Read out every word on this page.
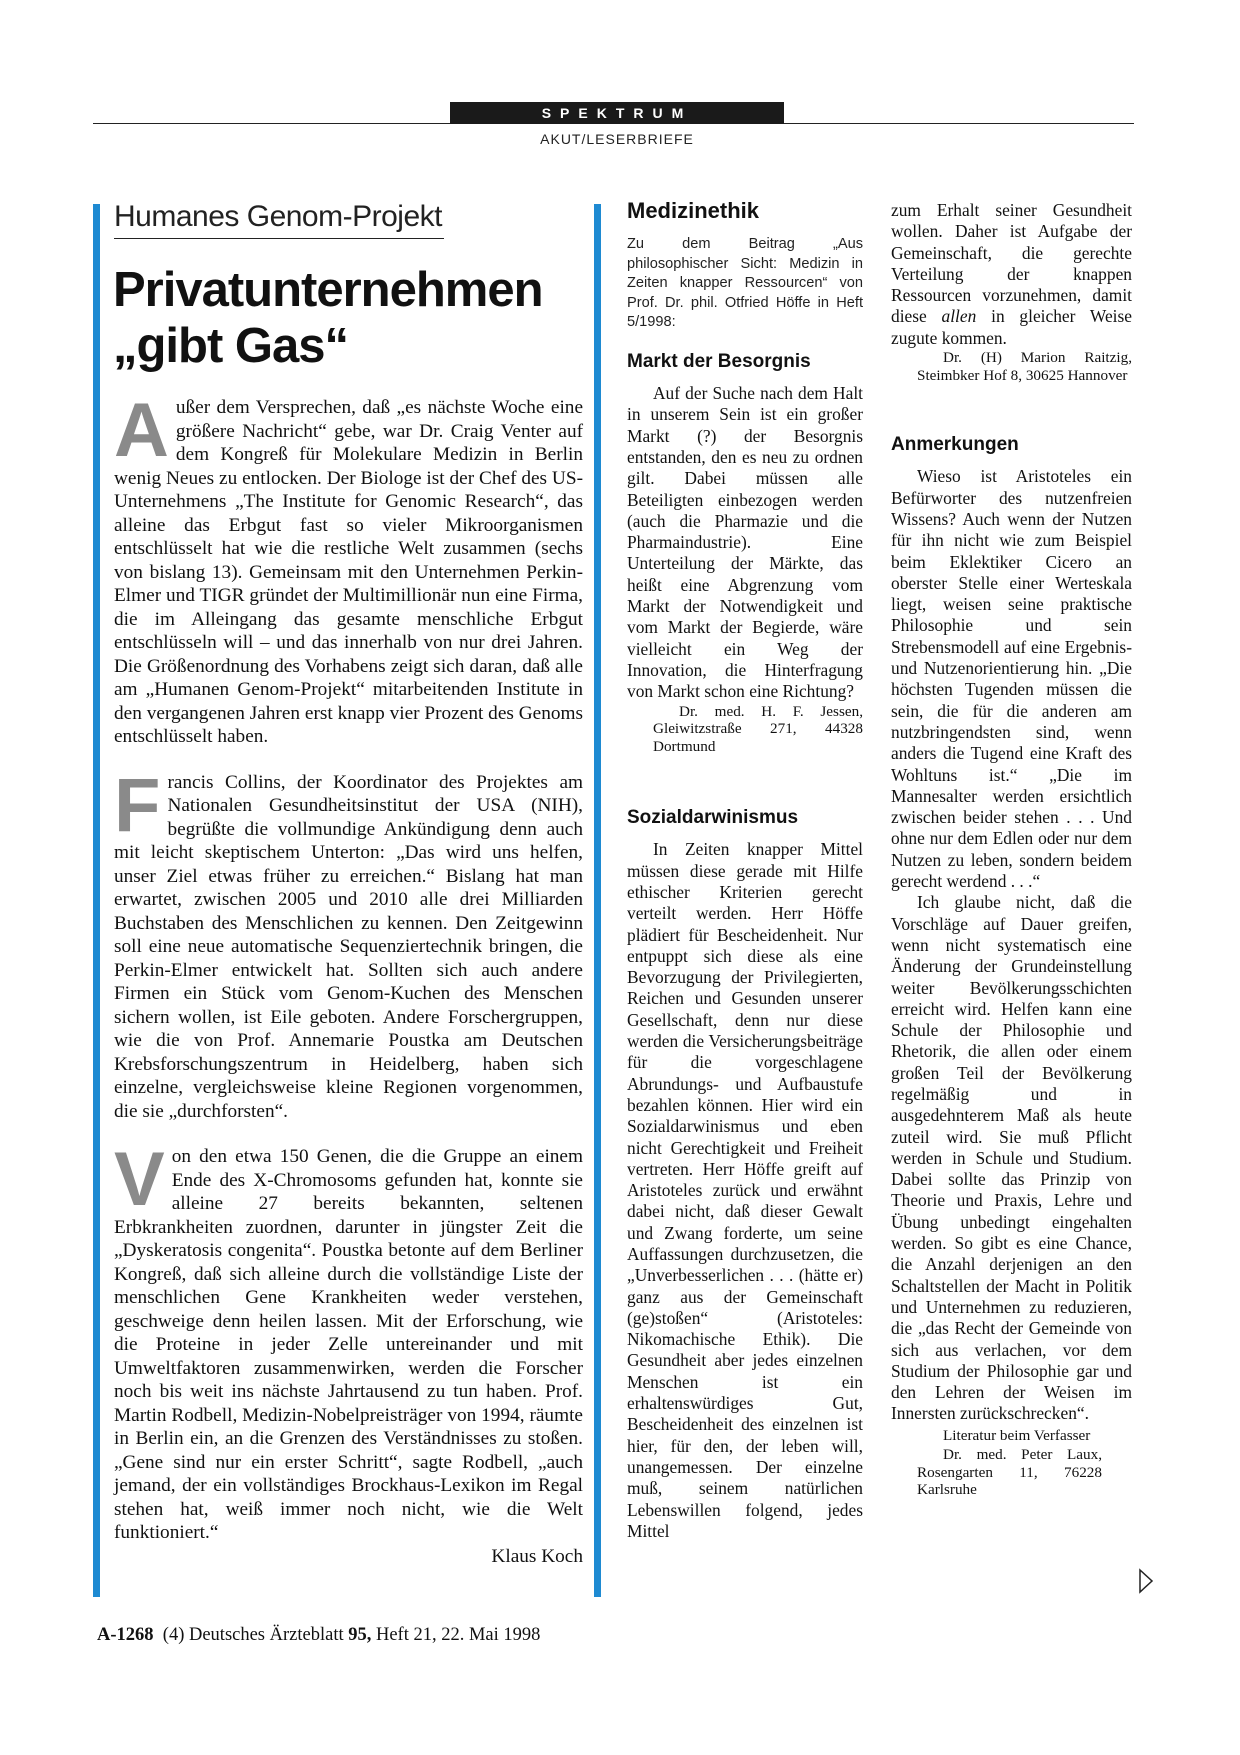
SPEKTRUM
AKUT/LESERBRIEFE
Humanes Genom-Projekt
Privatunternehmen
„gibt Gas“

Außer dem Versprechen, daß „es nächste Woche eine größere Nachricht“ gebe, war Dr. Craig Venter auf dem Kongreß für Molekulare Medizin in Berlin wenig Neues zu entlocken. Der Biologe ist der Chef des US-Unternehmens „The Institute for Genomic Research“, das alleine das Erbgut fast so vieler Mikroorganismen entschlüsselt hat wie die restliche Welt zusammen (sechs von bislang 13). Gemeinsam mit den Unternehmen Perkin-Elmer und TIGR gründet der Multimillionär nun eine Firma, die im Alleingang das gesamte menschliche Erbgut entschlüsseln will – und das innerhalb von nur drei Jahren. Die Größenordnung des Vorhabens zeigt sich daran, daß alle am „Humanen Genom-Projekt“ mitarbeitenden Institute in den vergangenen Jahren erst knapp vier Prozent des Genoms entschlüsselt haben.

Francis Collins, der Koordinator des Projektes am Nationalen Gesundheitsinstitut der USA (NIH), begrüßte die vollmundige Ankündigung denn auch mit leicht skeptischem Unterton: „Das wird uns helfen, unser Ziel etwas früher zu erreichen.“ Bislang hat man erwartet, zwischen 2005 und 2010 alle drei Milliarden Buchstaben des Menschlichen zu kennen. Den Zeitgewinn soll eine neue automatische Sequenziertechnik bringen, die Perkin-Elmer entwickelt hat. Sollten sich auch andere Firmen ein Stück vom Genom-Kuchen des Menschen sichern wollen, ist Eile geboten. Andere Forschergruppen, wie die von Prof. Annemarie Poustka am Deutschen Krebsforschungszentrum in Heidelberg, haben sich einzelne, vergleichsweise kleine Regionen vorgenommen, die sie „durchforsten“.

Von den etwa 150 Genen, die die Gruppe an einem Ende des X-Chromosoms gefunden hat, konnte sie alleine 27 bereits bekannten, seltenen Erbkrankheiten zuordnen, darunter in jüngster Zeit die „Dyskeratosis congenita“. Poustka betonte auf dem Berliner Kongreß, daß sich alleine durch die vollständige Liste der menschlichen Gene Krankheiten weder verstehen, geschweige denn heilen lassen. Mit der Erforschung, wie die Proteine in jeder Zelle untereinander und mit Umweltfaktoren zusammenwirken, werden die Forscher noch bis weit ins nächste Jahrtausend zu tun haben. Prof. Martin Rodbell, Medizin-Nobelpreisträger von 1994, räumte in Berlin ein, an die Grenzen des Verständnisses zu stoßen. „Gene sind nur ein erster Schritt“, sagte Rodbell, „auch jemand, der ein vollständiges Brockhaus-Lexikon im Regal stehen hat, weiß immer noch nicht, wie die Welt funktioniert.“

Klaus Koch
Medizinethik
Zu dem Beitrag „Aus philosophischer Sicht: Medizin in Zeiten knapper Ressourcen“ von Prof. Dr. phil. Otfried Höffe in Heft 5/1998:
Markt der Besorgnis

Auf der Suche nach dem Halt in unserem Sein ist ein großer Markt (?) der Besorgnis entstanden, den es neu zu ordnen gilt. Dabei müssen alle Beteiligten einbezogen werden (auch die Pharmazie und die Pharmaindustrie). Eine Unterteilung der Märkte, das heißt eine Abgrenzung vom Markt der Notwendigkeit und vom Markt der Begierde, wäre vielleicht ein Weg der Innovation, die Hinterfragung von Markt schon eine Richtung?

Dr. med. H. F. Jessen, Gleiwitzstraße 271, 44328 Dortmund

Sozialdarwinismus

In Zeiten knapper Mittel müssen diese gerade mit Hilfe ethischer Kriterien gerecht verteilt werden. Herr Höffe plädiert für Bescheidenheit. Nur entpuppt sich diese als eine Bevorzugung der Privilegierten, Reichen und Gesunden unserer Gesellschaft, denn nur diese werden die Versicherungsbeiträge für die vorgeschlagene Abrundungs- und Aufbaustufe bezahlen können. Hier wird ein Sozialdarwinismus und eben nicht Gerechtigkeit und Freiheit vertreten. Herr Höffe greift auf Aristoteles zurück und erwähnt dabei nicht, daß dieser Gewalt und Zwang forderte, um seine Auffassungen durchzusetzen, die „Unverbesserlichen . . . (hätte er) ganz aus der Gemeinschaft (ge)stoßen“ (Aristoteles: Nikomachische Ethik). Die Gesundheit aber jedes einzelnen Menschen ist ein erhaltenswürdiges Gut, Bescheidenheit des einzelnen ist hier, für den, der leben will, unangemessen. Der einzelne muß, seinem natürlichen Lebenswillen folgend, jedes Mittel

zum Erhalt seiner Gesundheit wollen. Daher ist Aufgabe der Gemeinschaft, die gerechte Verteilung der knappen Ressourcen vorzunehmen, damit diese allen in gleicher Weise zugute kommen.

Dr. (H) Marion Raitzig, Steimbker Hof 8, 30625 Hannover

Anmerkungen

Wieso ist Aristoteles ein Befürworter des nutzenfreien Wissens? Auch wenn der Nutzen für ihn nicht wie zum Beispiel beim Eklektiker Cicero an oberster Stelle einer Werteskala liegt, weisen seine praktische Philosophie und sein Strebensmodell auf eine Ergebnis- und Nutzenorientierung hin. „Die höchsten Tugenden müssen die sein, die für die anderen am nutzbringendsten sind, wenn anders die Tugend eine Kraft des Wohltuns ist.“ „Die im Mannesalter werden ersichtlich zwischen beider stehen . . . Und ohne nur dem Edlen oder nur dem Nutzen zu leben, sondern beidem gerecht werdend . . .“

Ich glaube nicht, daß die Vorschläge auf Dauer greifen, wenn nicht systematisch eine Änderung der Grundeinstellung weiter Bevölkerungsschichten erreicht wird. Helfen kann eine Schule der Philosophie und Rhetorik, die allen oder einem großen Teil der Bevölkerung regelmäßig und in ausgedehnterem Maß als heute zuteil wird. Sie muß Pflicht werden in Schule und Studium. Dabei sollte das Prinzip von Theorie und Praxis, Lehre und Übung unbedingt eingehalten werden. So gibt es eine Chance, die Anzahl derjenigen an den Schaltstellen der Macht in Politik und Unternehmen zu reduzieren, die „das Recht der Gemeinde von sich aus verlachen, vor dem Studium der Philosophie gar und den Lehren der Weisen im Innersten zurückschrecken“.

Literatur beim Verfasser

Dr. med. Peter Laux, Rosengarten 11, 76228 Karlsruhe

A-1268 (4) Deutsches Ärzteblatt 95, Heft 21, 22. Mai 1998
